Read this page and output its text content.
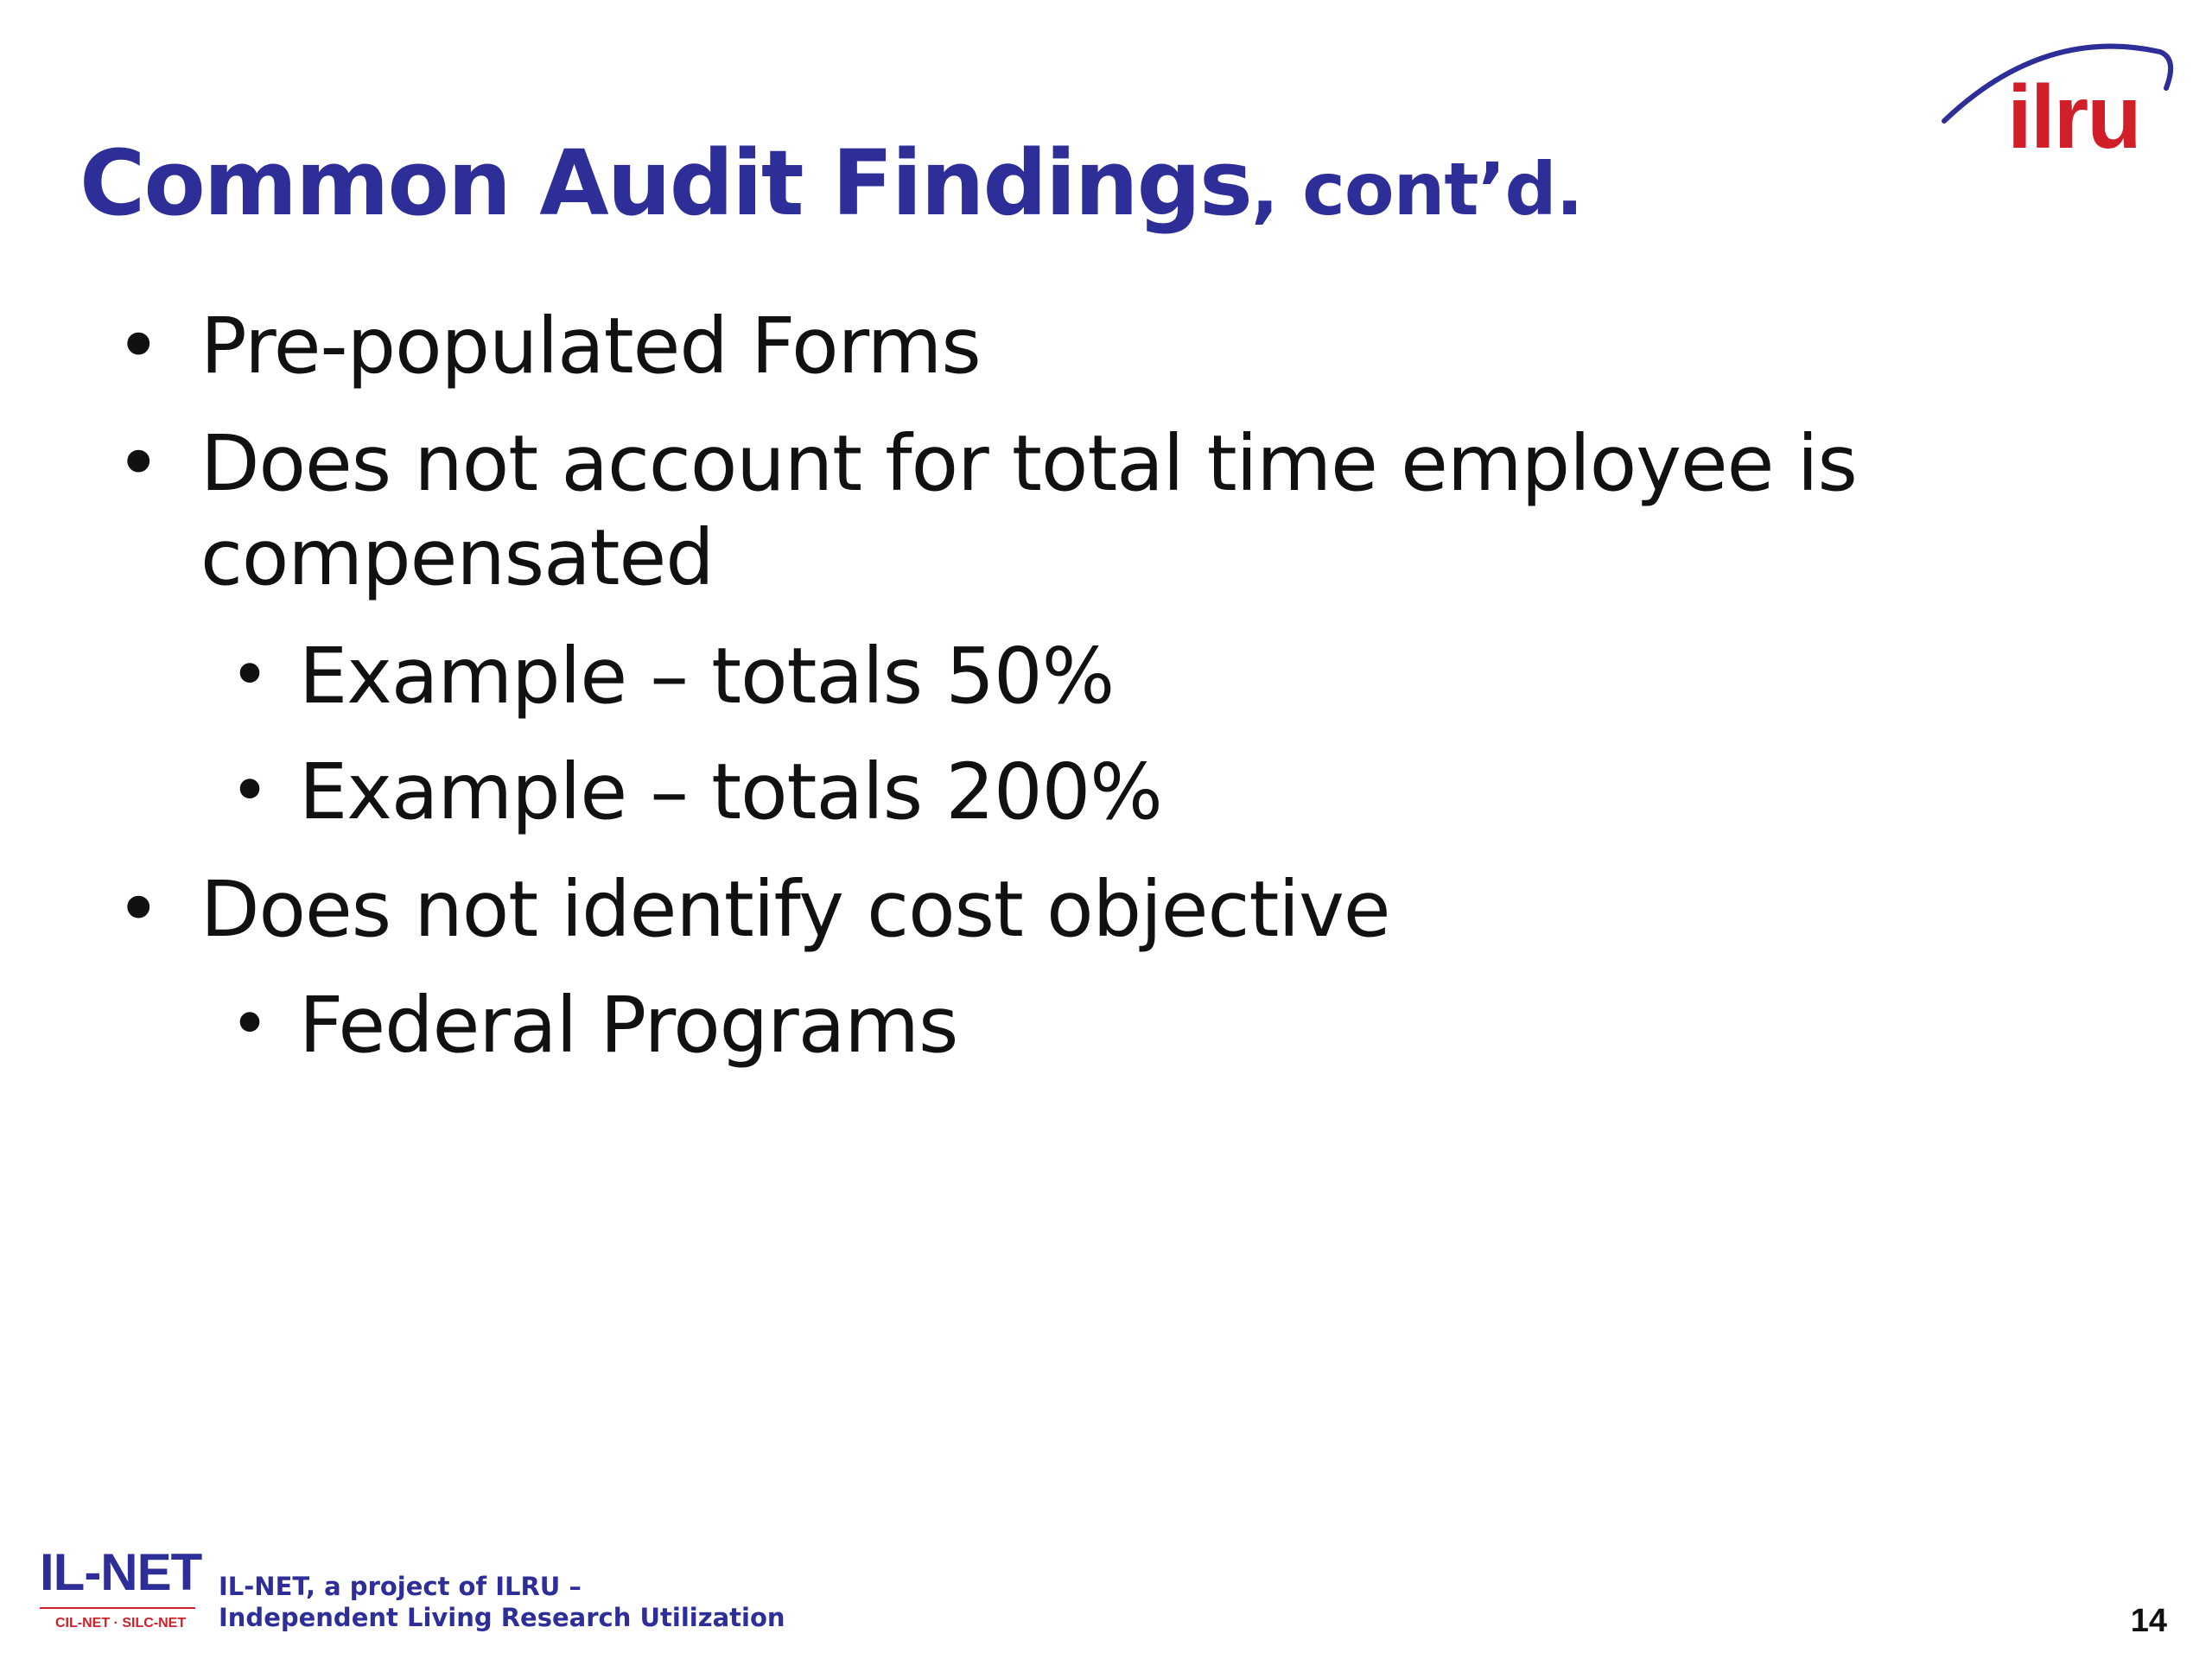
ilru
Common Audit Findings, cont’d.
• Pre-populated Forms
• Does not account for total time employee is
compensated
• Example – totals 50%
• Example – totals 200%
• Does not identify cost objective
• Federal Programs
IL-NET
CIL-NET · SILC-NET
IL-NET, a project of ILRU –
Independent Living Research Utilization	14
